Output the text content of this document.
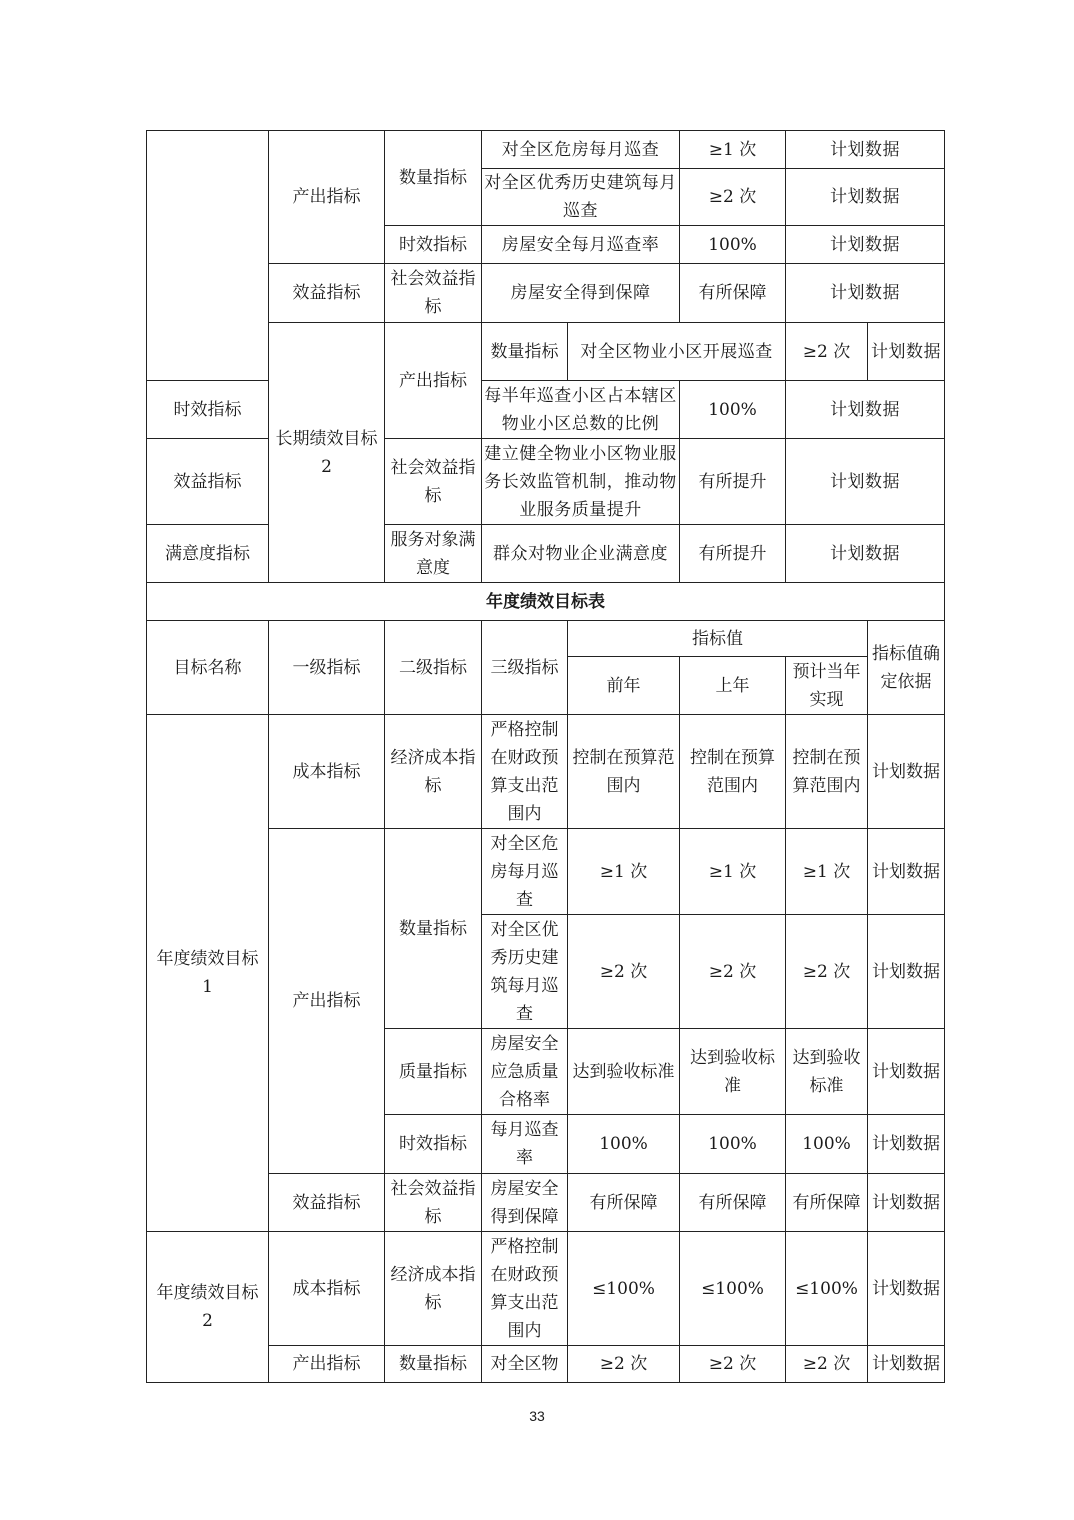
	产出指标	数量指标	对全区危房每月巡查		≥1 次	计划数据	
			对全区优秀历史建筑每月巡查		≥2 次	计划数据	
		时效指标	房屋安全每月巡查率		100%	计划数据	
	效益指标	社会效益指标	房屋安全得到保障		有所保障	计划数据	
	长期绩效目标 2	产出指标	数量指标	对全区物业小区开展巡查		≥2 次	计划数据
时效指标			每半年巡查小区占本辖区物业小区总数的比例		100%	计划数据	
效益指标		社会效益指标	建立健全物业小区物业服务长效监管机制，推动物业服务质量提升		有所提升	计划数据	
满意度指标		服务对象满意度	群众对物业企业满意度		有所提升	计划数据	
年度绩效目标表							
目标名称	一级指标	二级指标	三级指标	指标值			指标值确定依据
				前年	上年	预计当年实现	
年度绩效目标 1	成本指标	经济成本指标	严格控制在财政预算支出范围内	控制在预算范围内	控制在预算范围内	控制在预算范围内	计划数据
	产出指标	数量指标	对全区危房每月巡查	≥1 次	≥1 次	≥1 次	计划数据
			对全区优秀历史建筑每月巡查	≥2 次	≥2 次	≥2 次	计划数据
		质量指标	房屋安全应急质量合格率	达到验收标准	达到验收标准	达到验收标准	计划数据
		时效指标	每月巡查率	100%	100%	100%	计划数据
	效益指标	社会效益指标	房屋安全得到保障	有所保障	有所保障	有所保障	计划数据
年度绩效目标 2	成本指标	经济成本指标	严格控制在财政预算支出范围内	≤100%	≤100%	≤100%	计划数据
	产出指标	数量指标	对全区物	≥2 次	≥2 次	≥2 次	计划数据
33
